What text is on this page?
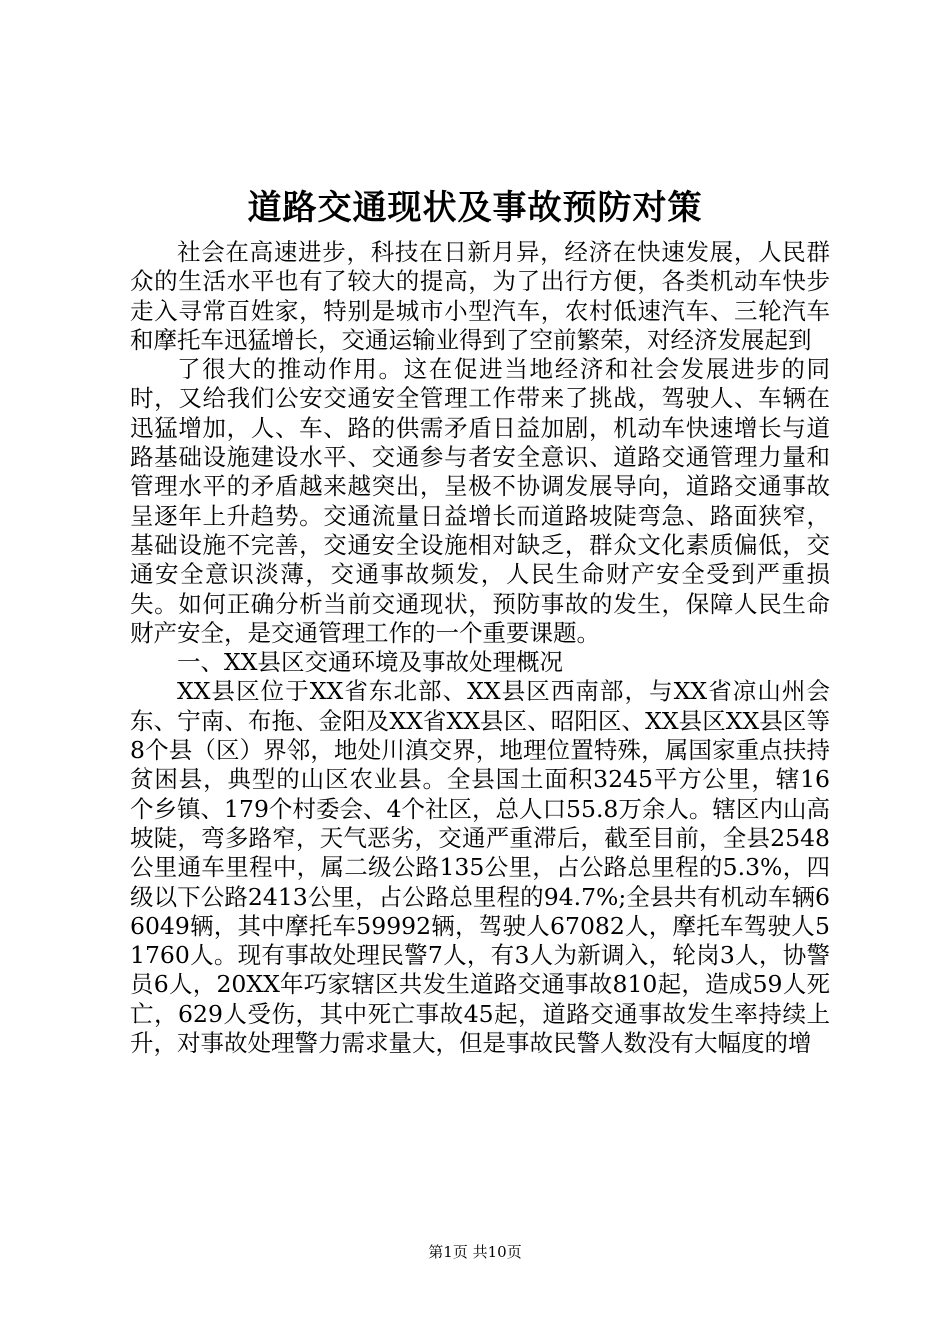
道路交通现状及事故预防对策

社会在高速进步，科技在日新月异，经济在快速发展，人民群众的生活水平也有了较大的提高，为了出行方便，各类机动车快步走入寻常百姓家，特别是城市小型汽车，农村低速汽车、三轮汽车和摩托车迅猛增长，交通运输业得到了空前繁荣，对经济发展起到

了很大的推动作用。这在促进当地经济和社会发展进步的同时，又给我们公安交通安全管理工作带来了挑战，驾驶人、车辆在迅猛增加，人、车、路的供需矛盾日益加剧，机动车快速增长与道路基础设施建设水平、交通参与者安全意识、道路交通管理力量和管理水平的矛盾越来越突出，呈极不协调发展导向，道路交通事故呈逐年上升趋势。交通流量日益增长而道路坡陡弯急、路面狭窄，基础设施不完善，交通安全设施相对缺乏，群众文化素质偏低，交通安全意识淡薄，交通事故频发，人民生命财产安全受到严重损失。如何正确分析当前交通现状，预防事故的发生，保障人民生命财产安全，是交通管理工作的一个重要课题。

一、XX县区交通环境及事故处理概况

XX县区位于XX省东北部、XX县区西南部，与XX省凉山州会东、宁南、布拖、金阳及XX省XX县区、昭阳区、XX县区XX县区等8个县（区）界邻，地处川滇交界，地理位置特殊，属国家重点扶持贫困县，典型的山区农业县。全县国土面积3245平方公里，辖16个乡镇、179个村委会、4个社区，总人口55.8万余人。辖区内山高坡陡，弯多路窄，天气恶劣，交通严重滞后，截至目前，全县2548公里通车里程中，属二级公路135公里，占公路总里程的5.3%，四级以下公路2413公里，占公路总里程的94.7%;全县共有机动车辆66049辆，其中摩托车59992辆，驾驶人67082人，摩托车驾驶人51760人。现有事故处理民警7人，有3人为新调入，轮岗3人，协警员6人，20XX年巧家辖区共发生道路交通事故810起，造成59人死亡，629人受伤，其中死亡事故45起，道路交通事故发生率持续上升，对事故处理警力需求量大，但是事故民警人数没有大幅度的增

第1页 共10页
